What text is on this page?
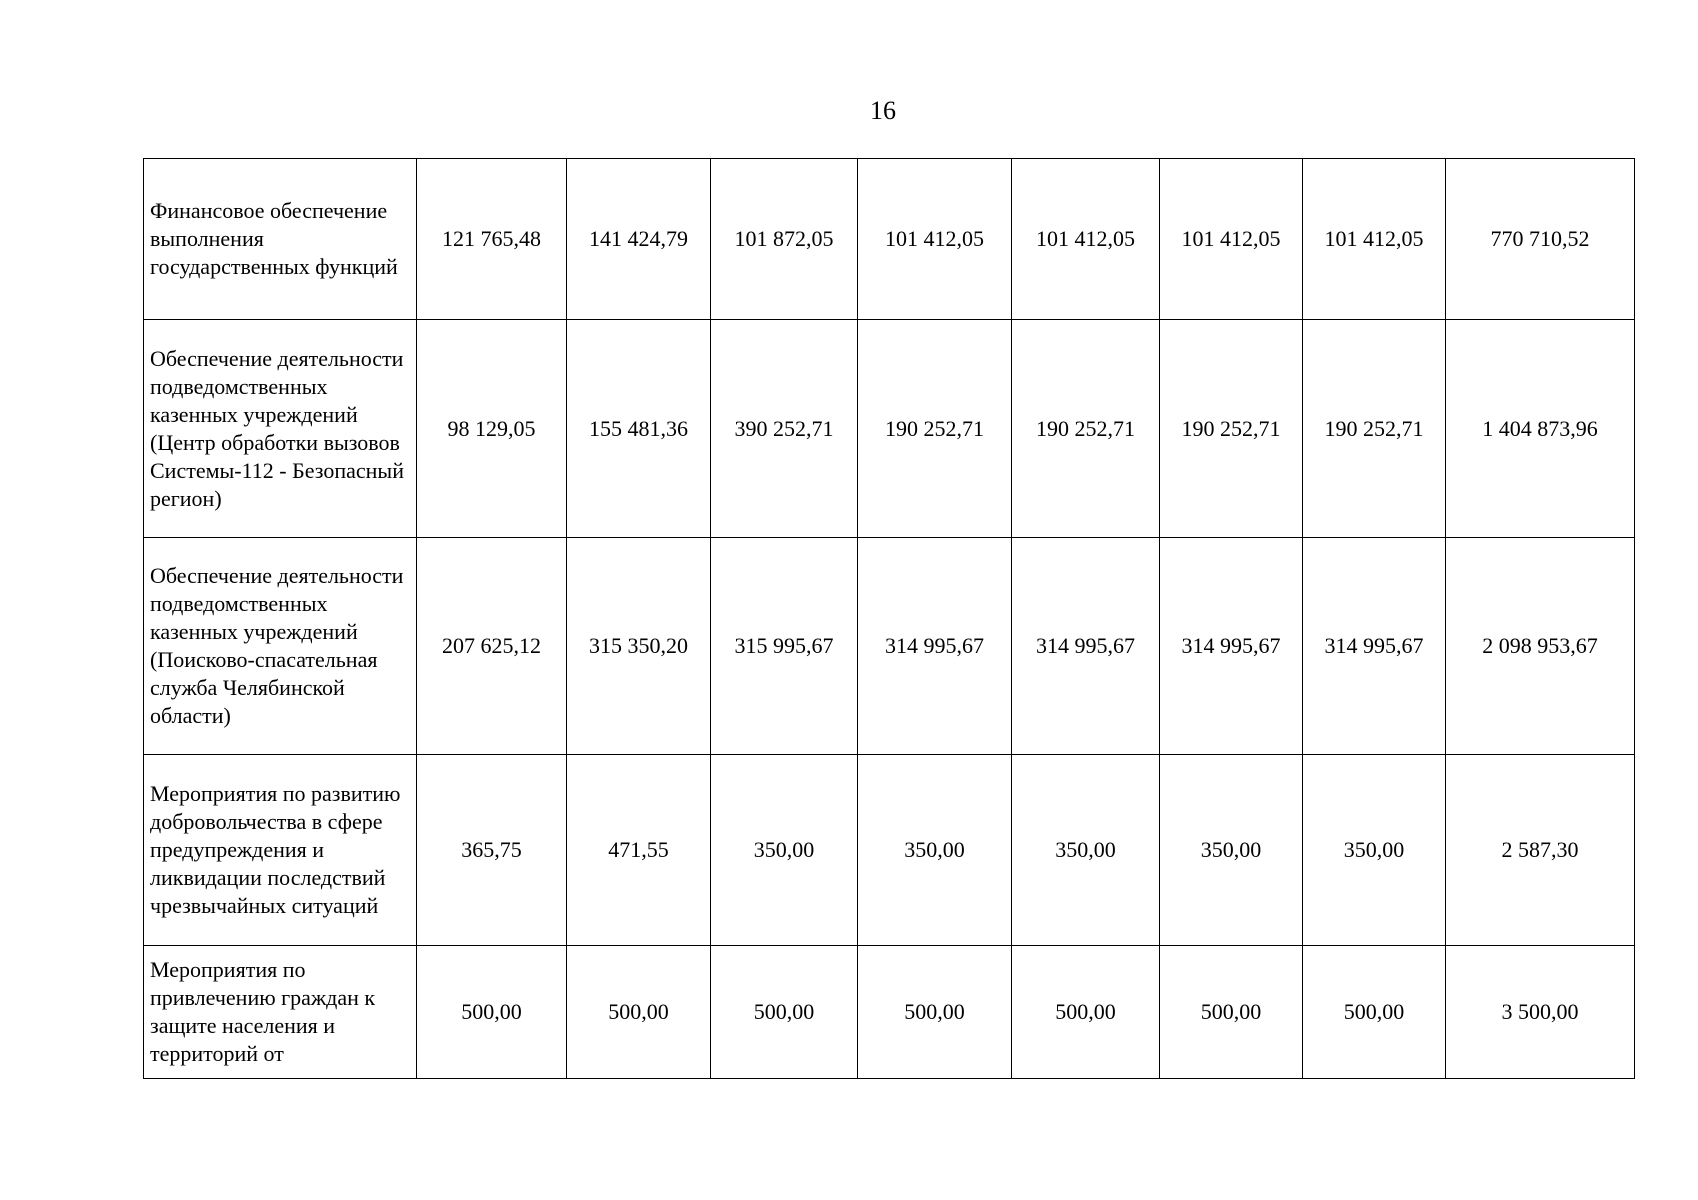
16
Финансовое обеспечение выполнения государственных функций	121 765,48	141 424,79	101 872,05	101 412,05	101 412,05	101 412,05	101 412,05	770 710,52
Обеспечение деятельности подведомственных казенных учреждений (Центр обработки вызовов Системы-112 - Безопасный регион)	98 129,05	155 481,36	390 252,71	190 252,71	190 252,71	190 252,71	190 252,71	1 404 873,96
Обеспечение деятельности подведомственных казенных учреждений (Поисково-спасательная служба Челябинской области)	207 625,12	315 350,20	315 995,67	314 995,67	314 995,67	314 995,67	314 995,67	2 098 953,67
Мероприятия по развитию добровольчества в сфере предупреждения и ликвидации последствий чрезвычайных ситуаций	365,75	471,55	350,00	350,00	350,00	350,00	350,00	2 587,30
Мероприятия по привлечению граждан к защите населения и территорий от	500,00	500,00	500,00	500,00	500,00	500,00	500,00	3 500,00
